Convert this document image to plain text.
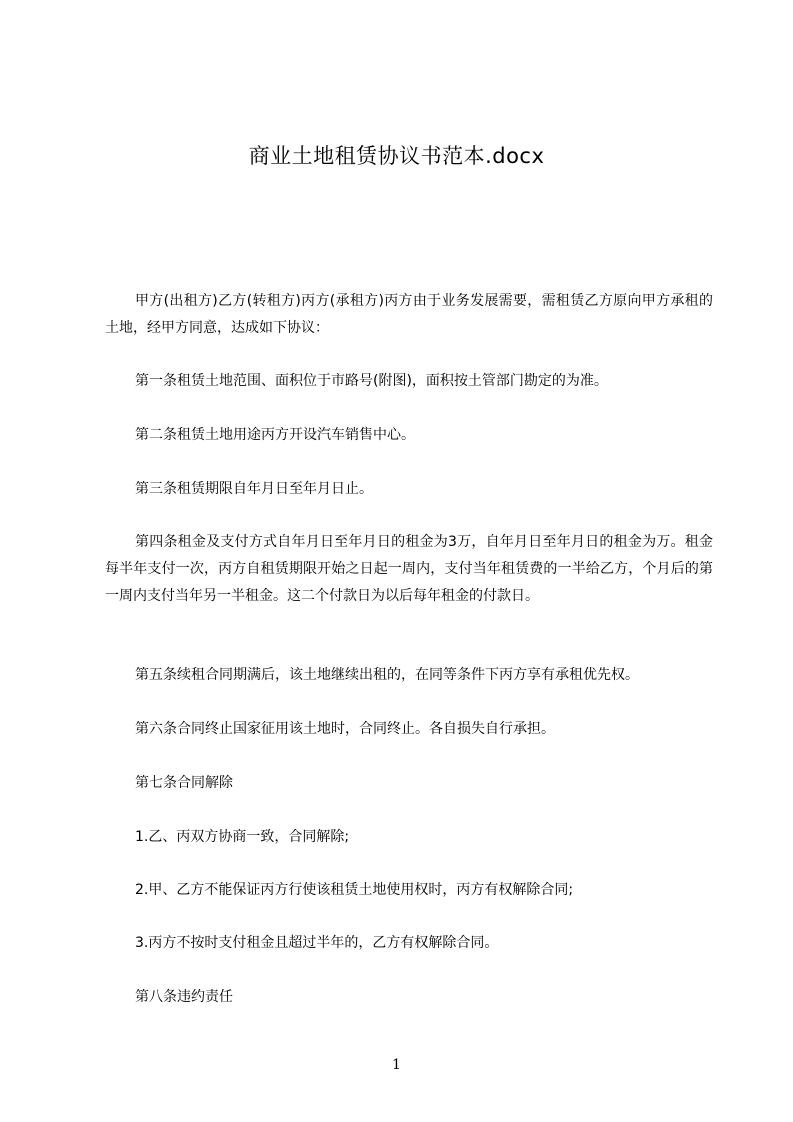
商业土地租赁协议书范本.docx
甲方(出租方)乙方(转租方)丙方(承租方)丙方由于业务发展需要，需租赁乙方原向甲方承租的土地，经甲方同意，达成如下协议：
第一条租赁土地范围、面积位于市路号(附图)，面积按土管部门勘定的为准。
第二条租赁土地用途丙方开设汽车销售中心。
第三条租赁期限自年月日至年月日止。
第四条租金及支付方式自年月日至年月日的租金为3万，自年月日至年月日的租金为万。租金每半年支付一次，丙方自租赁期限开始之日起一周内，支付当年租赁费的一半给乙方，个月后的第一周内支付当年另一半租金。这二个付款日为以后每年租金的付款日。
第五条续租合同期满后，该土地继续出租的，在同等条件下丙方享有承租优先权。
第六条合同终止国家征用该土地时，合同终止。各自损失自行承担。
第七条合同解除
1.乙、丙双方协商一致，合同解除;
2.甲、乙方不能保证丙方行使该租赁土地使用权时，丙方有权解除合同;
3.丙方不按时支付租金且超过半年的，乙方有权解除合同。
第八条违约责任
1
